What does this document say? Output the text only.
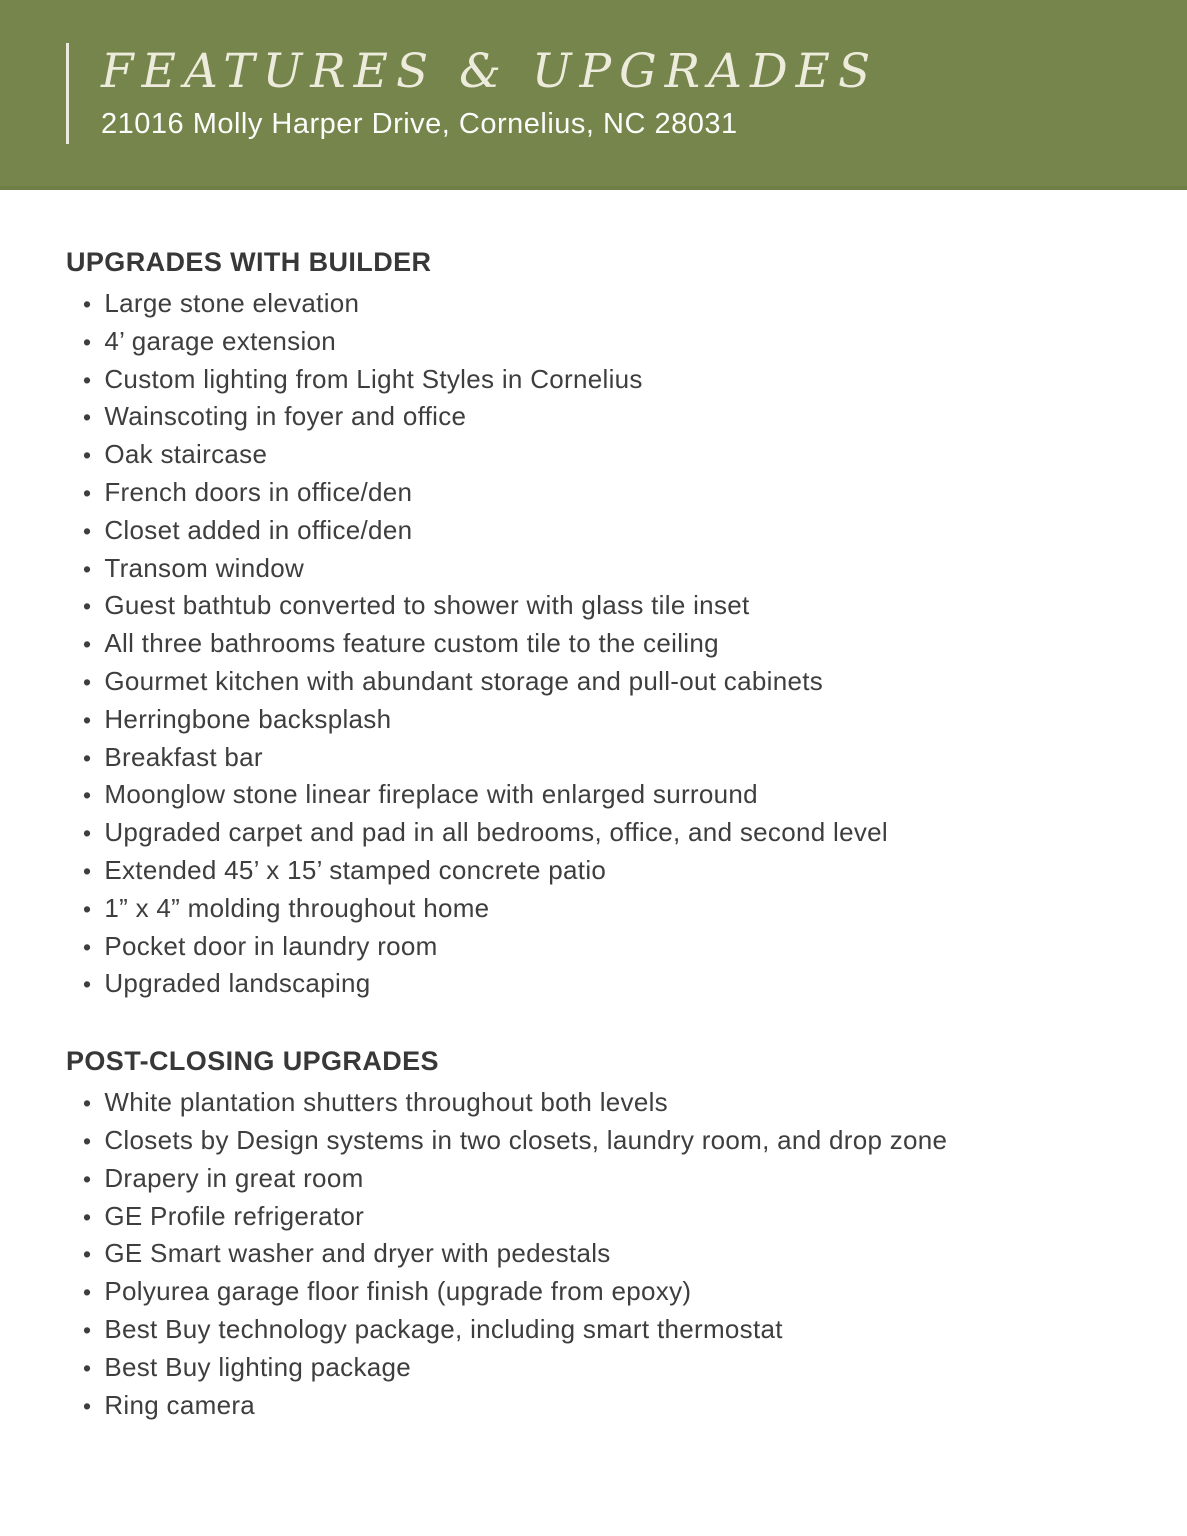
FEATURES & UPGRADES
21016 Molly Harper Drive, Cornelius, NC 28031
UPGRADES WITH BUILDER
• Large stone elevation
• 4’ garage extension
• Custom lighting from Light Styles in Cornelius
• Wainscoting in foyer and office
• Oak staircase
• French doors in office/den
• Closet added in office/den
• Transom window
• Guest bathtub converted to shower with glass tile inset
• All three bathrooms feature custom tile to the ceiling
• Gourmet kitchen with abundant storage and pull-out cabinets
• Herringbone backsplash
• Breakfast bar
• Moonglow stone linear fireplace with enlarged surround
• Upgraded carpet and pad in all bedrooms, office, and second level
• Extended 45’ x 15’ stamped concrete patio
• 1” x 4” molding throughout home
• Pocket door in laundry room
• Upgraded landscaping
POST-CLOSING UPGRADES
• White plantation shutters throughout both levels
• Closets by Design systems in two closets, laundry room, and drop zone
• Drapery in great room
• GE Profile refrigerator
• GE Smart washer and dryer with pedestals
• Polyurea garage floor finish (upgrade from epoxy)
• Best Buy technology package, including smart thermostat
• Best Buy lighting package
• Ring camera
